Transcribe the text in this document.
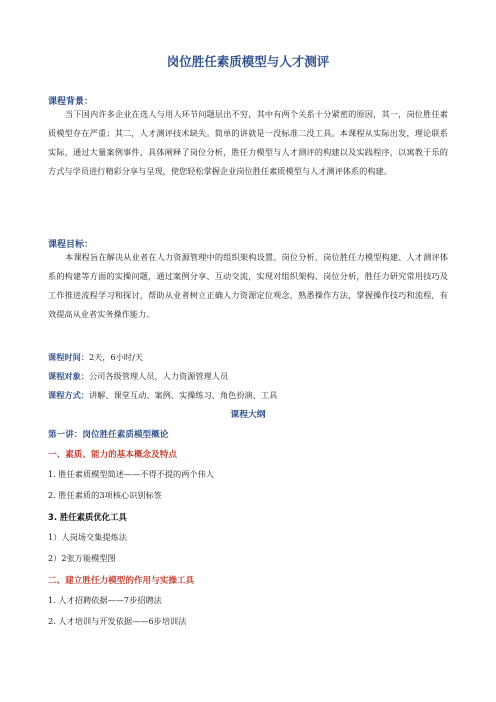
岗位胜任素质模型与人才测评
课程背景：
当下国内许多企业在选人与用人环节问题层出不穷，其中有两个关系十分紧密的原因，其一，岗位胜任素质模型存在严重；其二，人才测评技术缺失。简单的讲就是一没标准二没工具。本课程从实际出发，理论联系实际，通过大量案例事件，具体阐释了岗位分析，胜任力模型与人才测评的构建以及实践程序，以寓教于乐的方式与学员进行精彩分享与呈现，使您轻松掌握企业岗位胜任素质模型与人才测评体系的构建。
课程目标：
本课程旨在解决从业者在人力资源管理中的组织架构设置、岗位分析、岗位胜任力模型构建、人才测评体系的构建等方面的实操问题，通过案例分享、互动交流，实现对组织架构、岗位分析，胜任力研究常用技巧及工作推进流程学习和探讨，帮助从业者树立正确人力资源定位观念，熟悉操作方法，掌握操作技巧和流程，有效提高从业者实务操作能力。
课程时间：2天，6小时/天
课程对象：公司各级管理人员，人力资源管理人员
课程方式：讲解、课堂互动、案例、实操练习、角色扮演、工具
课程大纲
第一讲：岗位胜任素质模型概论
一、素质、能力的基本概念及特点
1. 胜任素质模型简述——不得不提的两个伟人
2. 胜任素质的3项核心识别标签
3. 胜任素质优化工具
1）人岗场交集提炼法
2）2张万能模型图
二、建立胜任力模型的作用与实操工具
1. 人才招聘依据——7步招聘法
2. 人才培训与开发依据——6步培训法
